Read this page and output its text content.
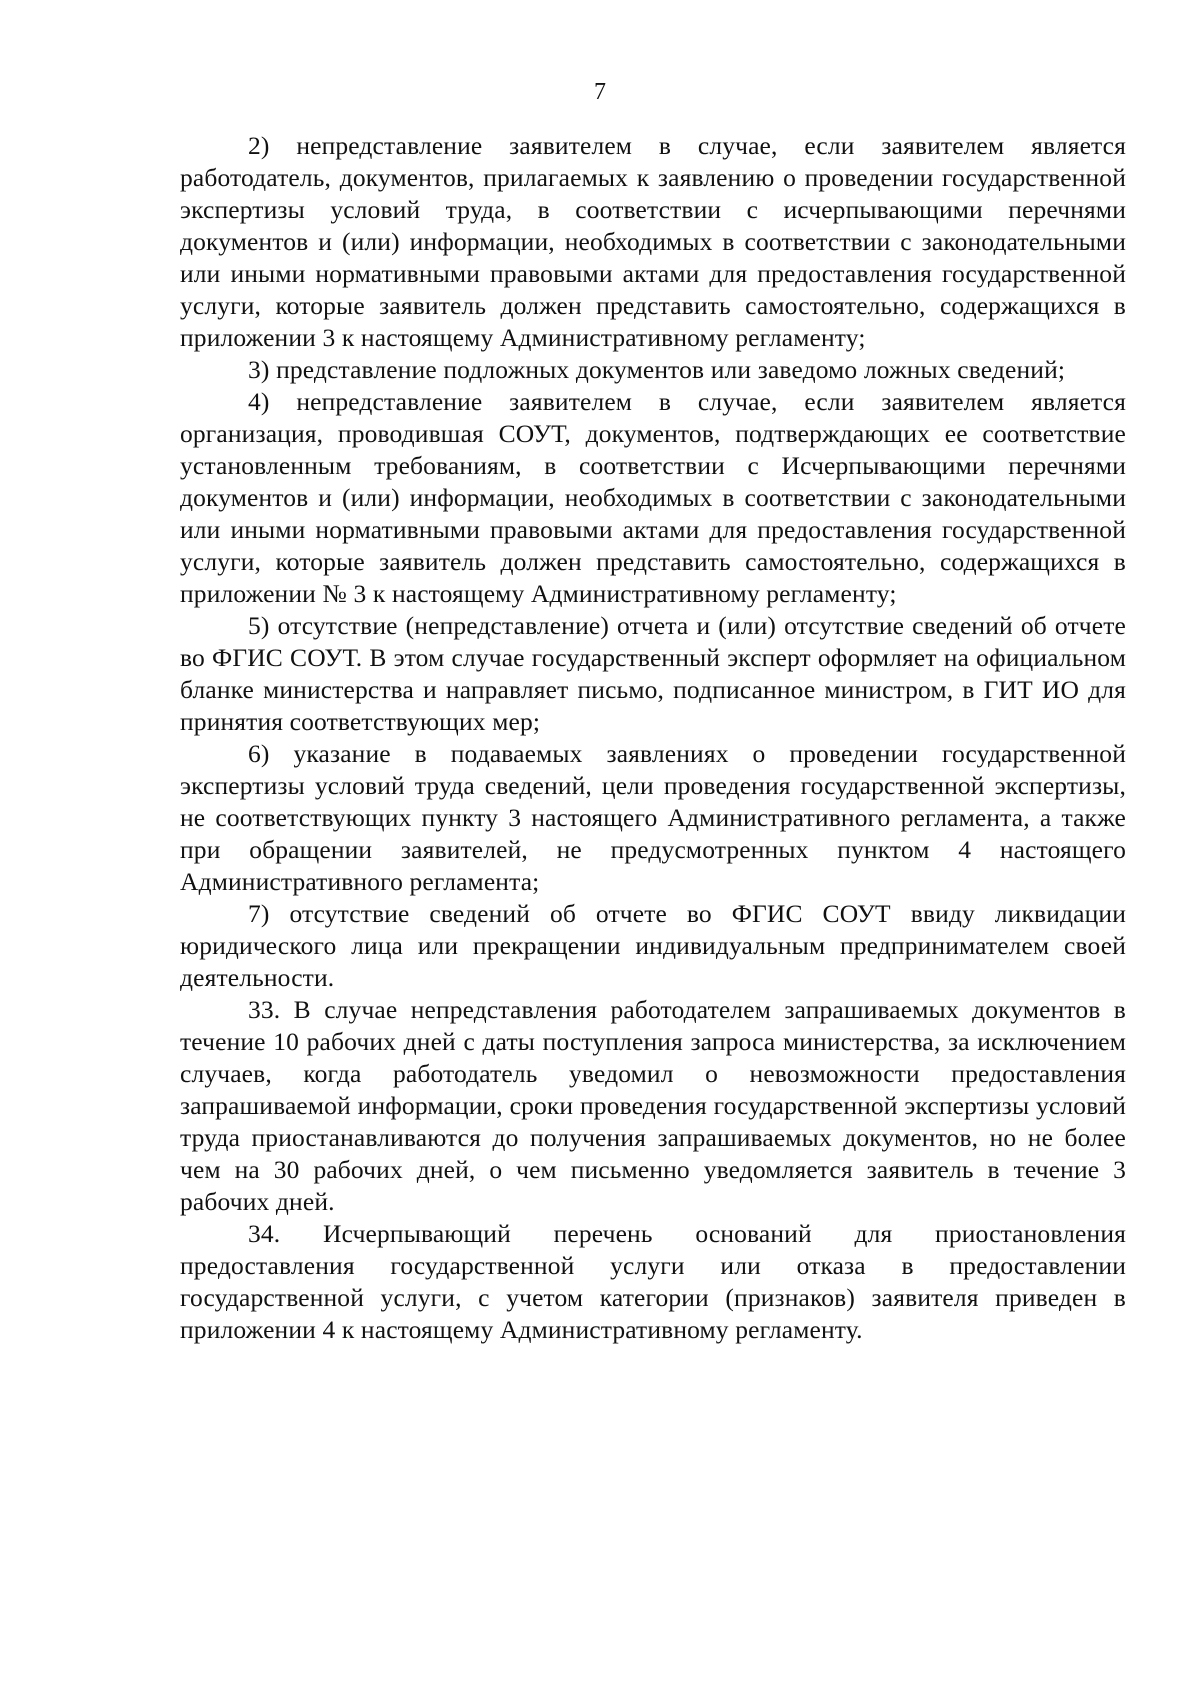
7

2) непредставление заявителем в случае, если заявителем является работодатель, документов, прилагаемых к заявлению о проведении государственной экспертизы условий труда, в соответствии с исчерпывающими перечнями документов и (или) информации, необходимых в соответствии с законодательными или иными нормативными правовыми актами для предоставления государственной услуги, которые заявитель должен представить самостоятельно, содержащихся в приложении 3 к настоящему Административному регламенту;

3) представление подложных документов или заведомо ложных сведений;

4) непредставление заявителем в случае, если заявителем является организация, проводившая СОУТ, документов, подтверждающих ее соответствие установленным требованиям, в соответствии с Исчерпывающими перечнями документов и (или) информации, необходимых в соответствии с законодательными или иными нормативными правовыми актами для предоставления государственной услуги, которые заявитель должен представить самостоятельно, содержащихся в приложении № 3 к настоящему Административному регламенту;

5) отсутствие (непредставление) отчета и (или) отсутствие сведений об отчете во ФГИС СОУТ. В этом случае государственный эксперт оформляет на официальном бланке министерства и направляет письмо, подписанное министром, в ГИТ ИО для принятия соответствующих мер;

6) указание в подаваемых заявлениях о проведении государственной экспертизы условий труда сведений, цели проведения государственной экспертизы, не соответствующих пункту 3 настоящего Административного регламента, а также при обращении заявителей, не предусмотренных пунктом 4 настоящего Административного регламента;

7) отсутствие сведений об отчете во ФГИС СОУТ ввиду ликвидации юридического лица или прекращении индивидуальным предпринимателем своей деятельности.

33. В случае непредставления работодателем запрашиваемых документов в течение 10 рабочих дней с даты поступления запроса министерства, за исключением случаев, когда работодатель уведомил о невозможности предоставления запрашиваемой информации, сроки проведения государственной экспертизы условий труда приостанавливаются до получения запрашиваемых документов, но не более чем на 30 рабочих дней, о чем письменно уведомляется заявитель в течение 3 рабочих дней.

34. Исчерпывающий перечень оснований для приостановления предоставления государственной услуги или отказа в предоставлении государственной услуги, с учетом категории (признаков) заявителя приведен в приложении 4 к настоящему Административному регламенту.
